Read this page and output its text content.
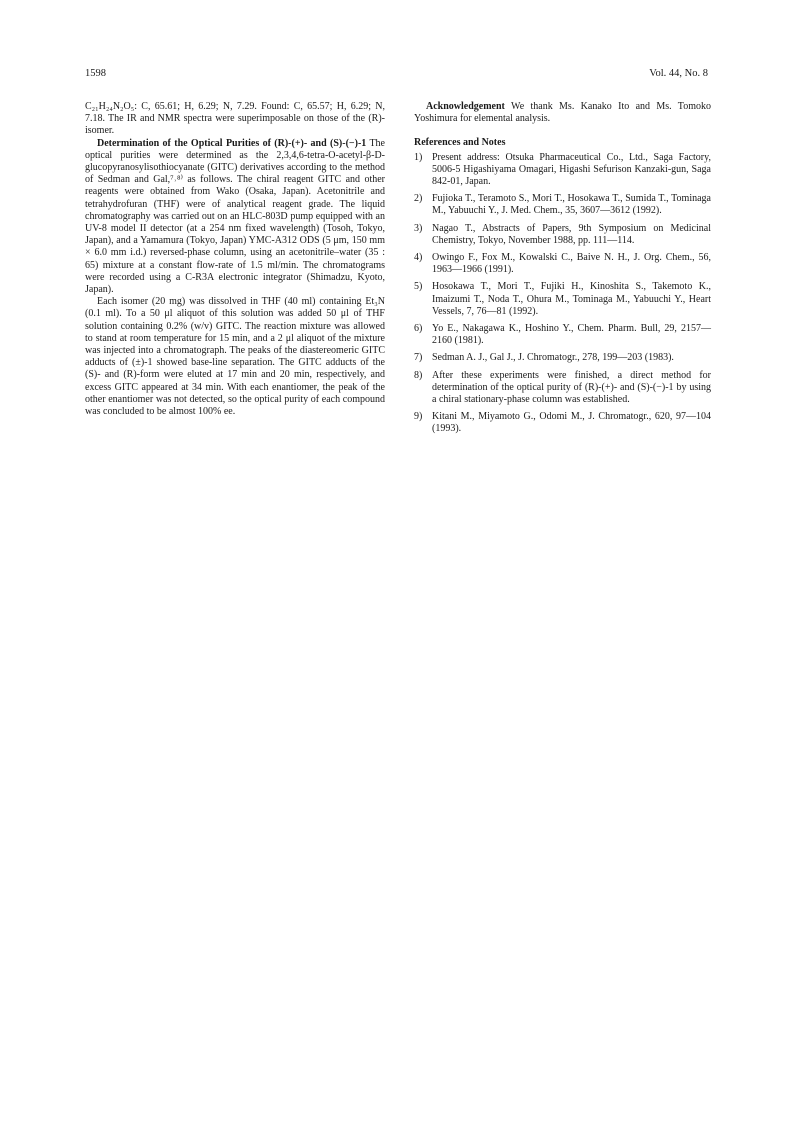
1598	Vol. 44, No. 8

C₂₁H₂₄N₂O₅: C, 65.61; H, 6.29; N, 7.29. Found: C, 65.57; H, 6.29; N, 7.18. The IR and NMR spectra were superimposable on those of the (R)-isomer.

Determination of the Optical Purities of (R)-(+)- and (S)-(−)-1 The optical purities were determined as the 2,3,4,6-tetra-O-acetyl-β-D-glucopyranosylisothiocyanate (GITC) derivatives according to the method of Sedman and Gal,⁷˒⁸⁾ as follows. The chiral reagent GITC and other reagents were obtained from Wako (Osaka, Japan). Acetonitrile and tetrahydrofuran (THF) were of analytical reagent grade. The liquid chromatography was carried out on an HLC-803D pump equipped with an UV-8 model II detector (at a 254 nm fixed wavelength) (Tosoh, Tokyo, Japan), and a Yamamura (Tokyo, Japan) YMC-A312 ODS (5 μm, 150 mm × 6.0 mm i.d.) reversed-phase column, using an acetonitrile–water (35 : 65) mixture at a constant flow-rate of 1.5 ml/min. The chromatograms were recorded using a C-R3A electronic integrator (Shimadzu, Kyoto, Japan).

Each isomer (20 mg) was dissolved in THF (40 ml) containing Et₃N (0.1 ml). To a 50 μl aliquot of this solution was added 50 μl of THF solution containing 0.2% (w/v) GITC. The reaction mixture was allowed to stand at room temperature for 15 min, and a 2 μl aliquot of the mixture was injected into a chromatograph. The peaks of the diastereomeric GITC adducts of (±)-1 showed base-line separation. The GITC adducts of the (S)- and (R)-form were eluted at 17 min and 20 min, respectively, and excess GITC appeared at 34 min. With each enantiomer, the peak of the other enantiomer was not detected, so the optical purity of each compound was concluded to be almost 100% ee.

Acknowledgement We thank Ms. Kanako Ito and Ms. Tomoko Yoshimura for elemental analysis.

References and Notes

1) Present address: Otsuka Pharmaceutical Co., Ltd., Saga Factory, 5006-5 Higashiyama Omagari, Higashi Sefurison Kanzaki-gun, Saga 842-01, Japan.
2) Fujioka T., Teramoto S., Mori T., Hosokawa T., Sumida T., Tominaga M., Yabuuchi Y., J. Med. Chem., 35, 3607—3612 (1992).
3) Nagao T., Abstracts of Papers, 9th Symposium on Medicinal Chemistry, Tokyo, November 1988, pp. 111—114.
4) Owingo F., Fox M., Kowalski C., Baive N. H., J. Org. Chem., 56, 1963—1966 (1991).
5) Hosokawa T., Mori T., Fujiki H., Kinoshita S., Takemoto K., Imaizumi T., Noda T., Ohura M., Tominaga M., Yabuuchi Y., Heart Vessels, 7, 76—81 (1992).
6) Yo E., Nakagawa K., Hoshino Y., Chem. Pharm. Bull, 29, 2157—2160 (1981).
7) Sedman A. J., Gal J., J. Chromatogr., 278, 199—203 (1983).
8) After these experiments were finished, a direct method for determination of the optical purity of (R)-(+)- and (S)-(−)-1 by using a chiral stationary-phase column was established.
9) Kitani M., Miyamoto G., Odomi M., J. Chromatogr., 620, 97—104 (1993).
